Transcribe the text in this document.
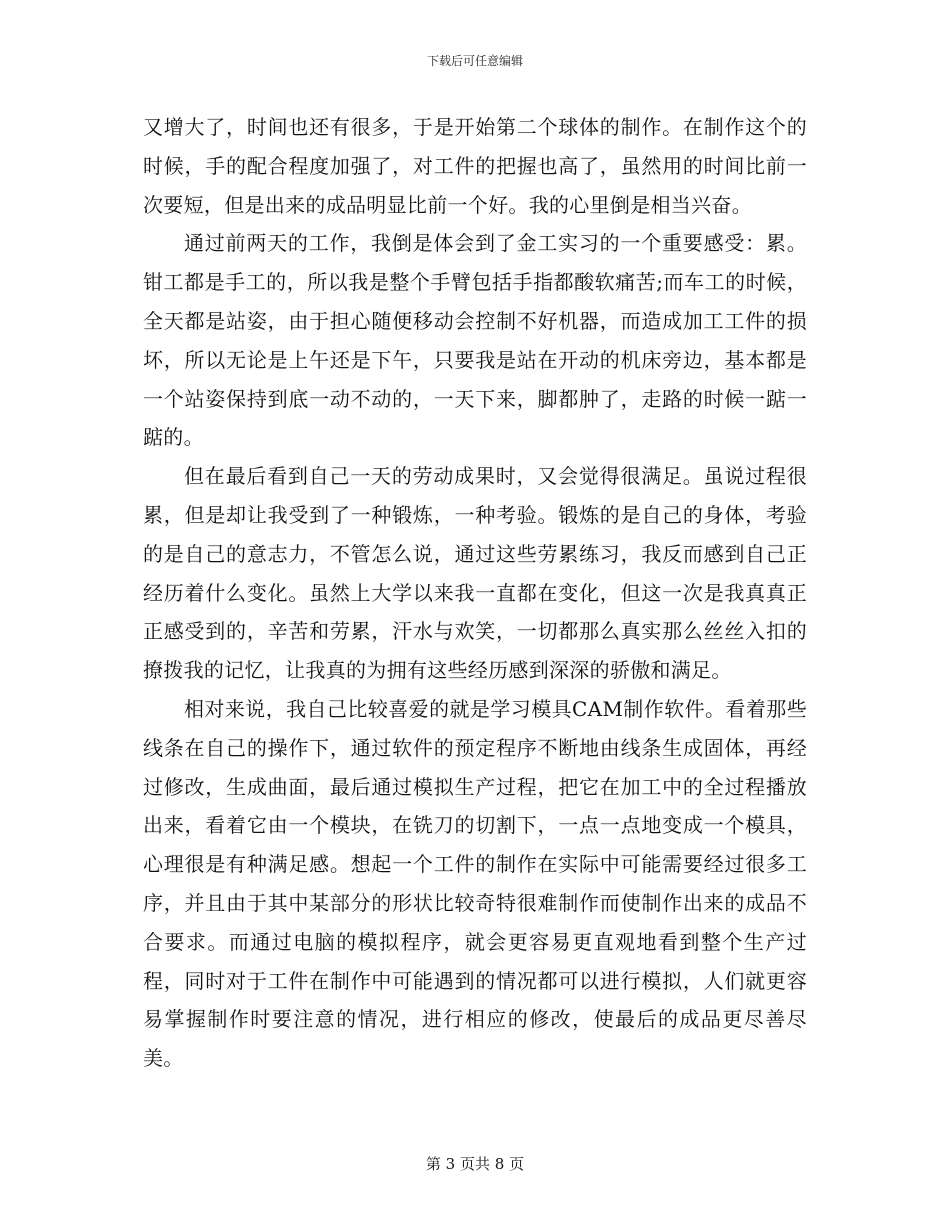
下载后可任意编辑

又增大了，时间也还有很多，于是开始第二个球体的制作。在制作这个的时候，手的配合程度加强了，对工件的把握也高了，虽然用的时间比前一次要短，但是出来的成品明显比前一个好。我的心里倒是相当兴奋。

通过前两天的工作，我倒是体会到了金工实习的一个重要感受：累。钳工都是手工的，所以我是整个手臂包括手指都酸软痛苦;而车工的时候，全天都是站姿，由于担心随便移动会控制不好机器，而造成加工工件的损坏，所以无论是上午还是下午，只要我是站在开动的机床旁边，基本都是一个站姿保持到底一动不动的，一天下来，脚都肿了，走路的时候一踮一踮的。

但在最后看到自己一天的劳动成果时，又会觉得很满足。虽说过程很累，但是却让我受到了一种锻炼，一种考验。锻炼的是自己的身体，考验的是自己的意志力，不管怎么说，通过这些劳累练习，我反而感到自己正经历着什么变化。虽然上大学以来我一直都在变化，但这一次是我真真正正感受到的，辛苦和劳累，汗水与欢笑，一切都那么真实那么丝丝入扣的撩拨我的记忆，让我真的为拥有这些经历感到深深的骄傲和满足。

相对来说，我自己比较喜爱的就是学习模具CAM制作软件。看着那些线条在自己的操作下，通过软件的预定程序不断地由线条生成固体，再经过修改，生成曲面，最后通过模拟生产过程，把它在加工中的全过程播放出来，看着它由一个模块，在铣刀的切割下，一点一点地变成一个模具，心理很是有种满足感。想起一个工件的制作在实际中可能需要经过很多工序，并且由于其中某部分的形状比较奇特很难制作而使制作出来的成品不合要求。而通过电脑的模拟程序，就会更容易更直观地看到整个生产过程，同时对于工件在制作中可能遇到的情况都可以进行模拟，人们就更容易掌握制作时要注意的情况，进行相应的修改，使最后的成品更尽善尽美。

第 3 页共 8 页
